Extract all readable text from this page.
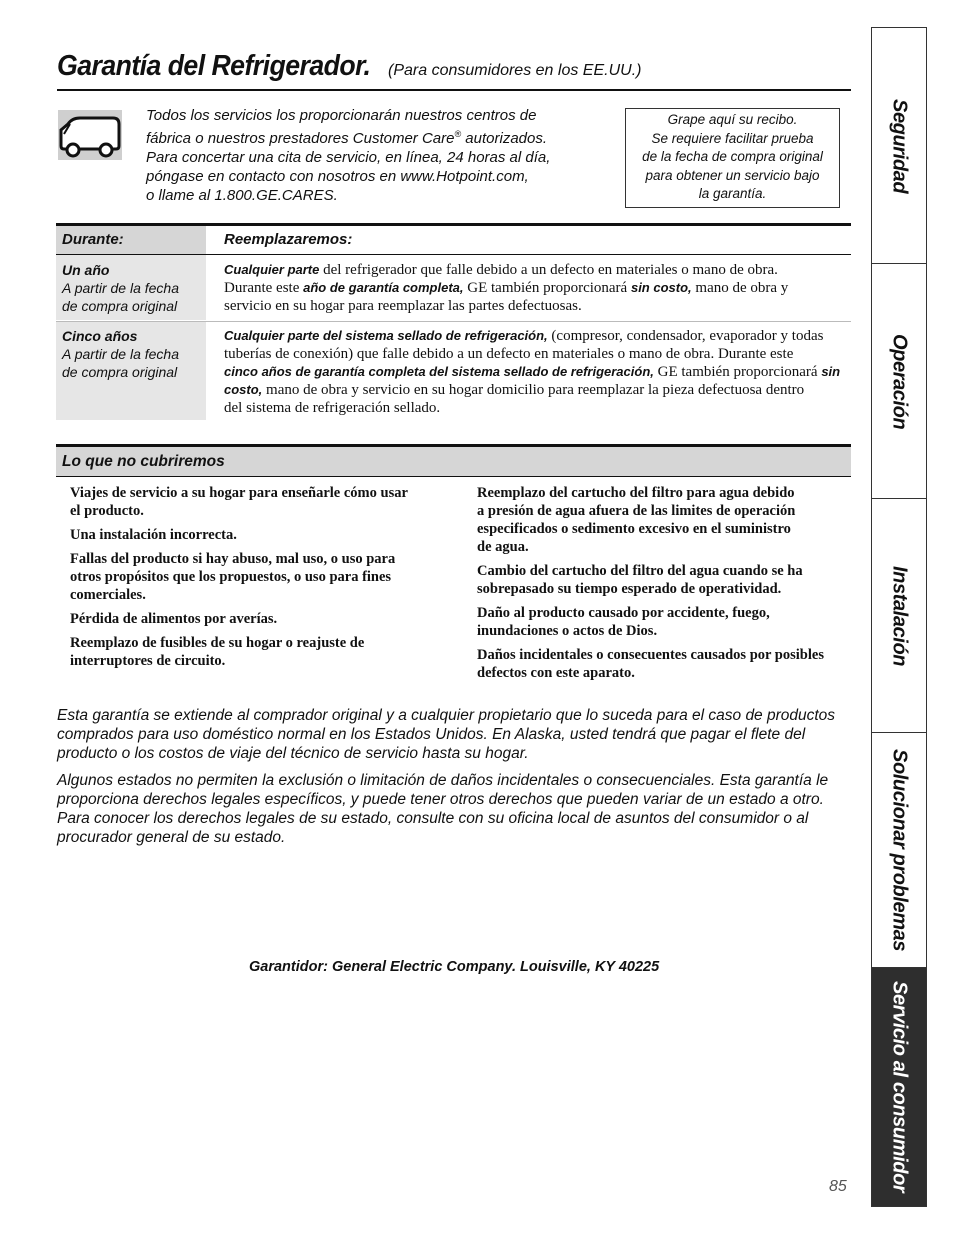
Garantía del Refrigerador. (Para consumidores en los EE.UU.)
Todos los servicios los proporcionarán nuestros centros de
fábrica o nuestros prestadores Customer Care® autorizados.
Para concertar una cita de servicio, en línea, 24 horas al día,
póngase en contacto con nosotros en www.Hotpoint.com,
o llame al 1.800.GE.CARES.
Grape aquí su recibo.
Se requiere facilitar prueba
de la fecha de compra original
para obtener un servicio bajo
la garantía.
Durante:	Reemplazaremos:
Un año
A partir de la fecha
de compra original
Cualquier parte del refrigerador que falle debido a un defecto en materiales o mano de obra.
Durante este año de garantía completa, GE también proporcionará sin costo, mano de obra y
servicio en su hogar para reemplazar las partes defectuosas.
Cinco años
A partir de la fecha
de compra original
Cualquier parte del sistema sellado de refrigeración, (compresor, condensador, evaporador y todas
tuberías de conexión) que falle debido a un defecto en materiales o mano de obra. Durante este
cinco años de garantía completa del sistema sellado de refrigeración, GE también proporcionará sin
costo, mano de obra y servicio en su hogar domicilio para reemplazar la pieza defectuosa dentro
del sistema de refrigeración sellado.
Lo que no cubriremos
Viajes de servicio a su hogar para enseñarle cómo usar
el producto.
Una instalación incorrecta.
Fallas del producto si hay abuso, mal uso, o uso para
otros propósitos que los propuestos, o uso para fines
comerciales.
Pérdida de alimentos por averías.
Reemplazo de fusibles de su hogar o reajuste de
interruptores de circuito.
Reemplazo del cartucho del filtro para agua debido
a presión de agua afuera de las limites de operación
especificados o sedimento excesivo en el suministro
de agua.
Cambio del cartucho del filtro del agua cuando se ha
sobrepasado su tiempo esperado de operatividad.
Daño al producto causado por accidente, fuego,
inundaciones o actos de Dios.
Daños incidentales o consecuentes causados por posibles
defectos con este aparato.
Esta garantía se extiende al comprador original y a cualquier propietario que lo suceda para el caso de productos
comprados para uso doméstico normal en los Estados Unidos. En Alaska, usted tendrá que pagar el flete del
producto o los costos de viaje del técnico de servicio hasta su hogar.
Algunos estados no permiten la exclusión o limitación de daños incidentales o consecuenciales. Esta garantía le
proporciona derechos legales específicos, y puede tener otros derechos que pueden variar de un estado a otro.
Para conocer los derechos legales de su estado, consulte con su oficina local de asuntos del consumidor o al
procurador general de su estado.
Garantidor: General Electric Company. Louisville, KY 40225
85
Seguridad
Operación
Instalación
Solucionar problemas
Servicio al consumidor
